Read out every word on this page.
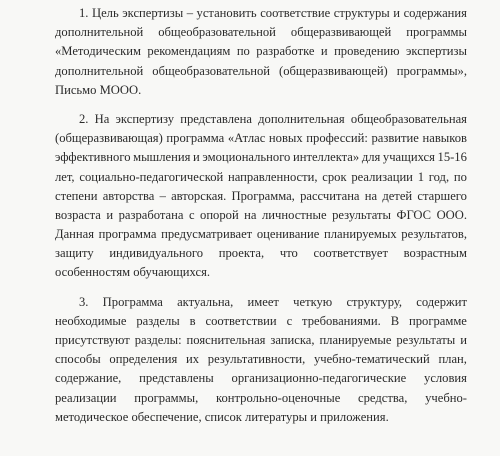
1. Цель экспертизы – установить соответствие структуры и содержания
дополнительной общеобразовательной общеразвивающей программы
«Методическим рекомендациям по разработке и проведению экспертизы
дополнительной общеобразовательной (общеразвивающей) программы»,
Письмо МООО.
2. На экспертизу представлена дополнительная общеобразовательная
(общеразвивающая) программа «Атлас новых профессий: развитие навыков
эффективного мышления и эмоционального интеллекта» для учащихся 15-16
лет, социально-педагогической направленности, срок реализации 1 год, по
степени авторства – авторская. Программа, рассчитана на детей старшего
возраста и разработана с опорой на личностные результаты ФГОС ООО.
Данная программа предусматривает оценивание планируемых результатов,
защиту индивидуального проекта, что соответствует возрастным
особенностям обучающихся.
3. Программа актуальна, имеет четкую структуру, содержит
необходимые разделы в соответствии с требованиями. В программе
присутствуют разделы: пояснительная записка, планируемые результаты и
способы определения их результативности, учебно-тематический план,
содержание, представлены организационно-педагогические условия
реализации программы, контрольно-оценочные средства, учебно-
методическое обеспечение, список литературы и приложения.
